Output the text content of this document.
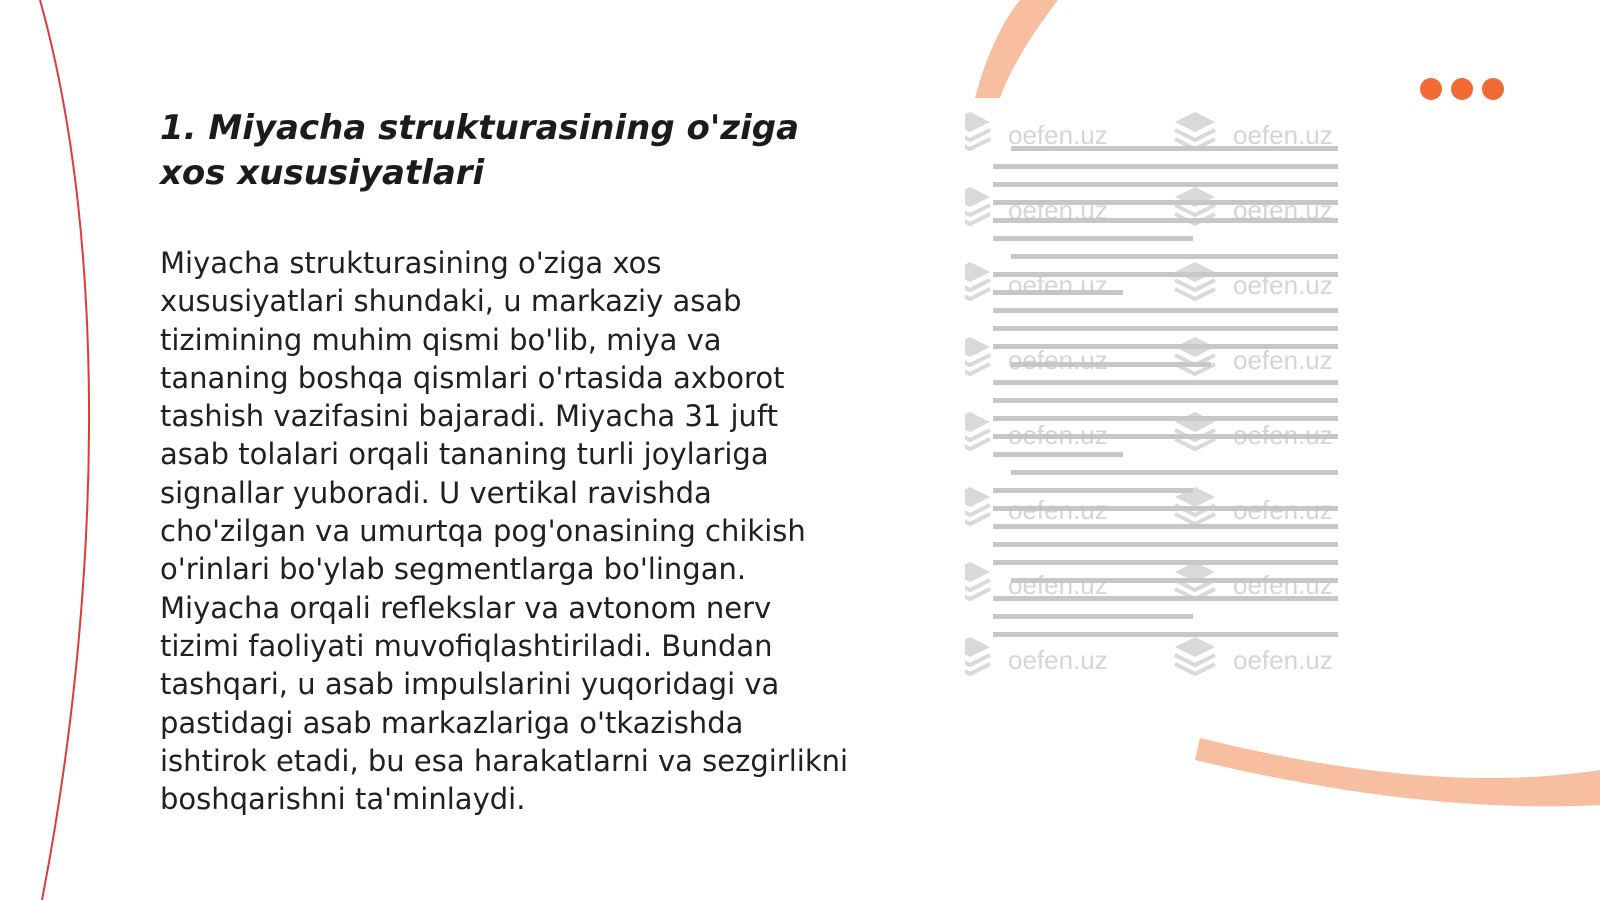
1. Miyacha strukturasining o'ziga xos xususiyatlari

Miyacha strukturasining o'ziga xos xususiyatlari shundaki, u markaziy asab tizimining muhim qismi bo'lib, miya va tananing boshqa qismlari o'rtasida axborot tashish vazifasini bajaradi. Miyacha 31 juft asab tolalari orqali tananing turli joylariga signallar yuboradi. U vertikal ravishda cho'zilgan va umurtqa pog'onasining chikish o'rinlari bo'ylab segmentlarga bo'lingan. Miyacha orqali reflekslar va avtonom nerv tizimi faoliyati muvofiqlashtiriladi. Bundan tashqari, u asab impulslarini yuqoridagi va pastidagi asab markazlariga o'tkazishda ishtirok etadi, bu esa harakatlarni va sezgirlikni boshqarishni ta'minlaydi.

oefen.uz	oefen.uz
oefen.uz	oefen.uz
oefen.uz	oefen.uz
oefen.uz	oefen.uz
oefen.uz	oefen.uz
oefen.uz	oefen.uz
oefen.uz	oefen.uz
oefen.uz	oefen.uz
